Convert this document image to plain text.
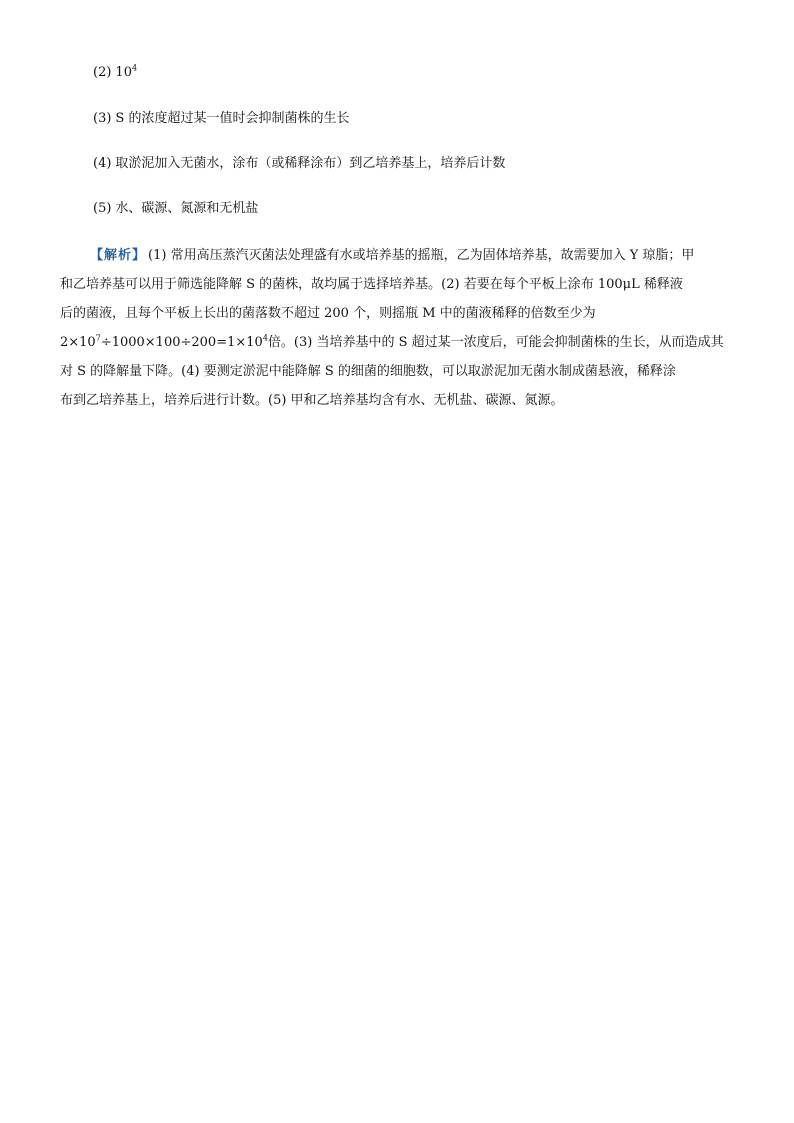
(2) $10^4$
(3) S 的浓度超过某一值时会抑制菌株的生长
(4) 取淤泥加入无菌水，涂布（或稀释涂布）到乙培养基上，培养后计数
(5) 水、碳源、氮源和无机盐
【解析】 (1) 常用高压蒸汽灭菌法处理盛有水或培养基的摇瓶，乙为固体培养基，故需要加入 Y 琼脂；甲
和乙培养基可以用于筛选能降解 S 的菌株，故均属于选择培养基。(2) 若要在每个平板上涂布 100μL 稀释液
后的菌液，且每个平板上长出的菌落数不超过 200 个，则摇瓶 M 中的菌液稀释的倍数至少为
$2\times 10^7\div 1000\times 100\div 200=1\times 10^4$倍。(3) 当培养基中的 S 超过某一浓度后，可能会抑制菌株的生长，从而造成其
对 S 的降解量下降。(4) 要测定淤泥中能降解 S 的细菌的细胞数，可以取淤泥加无菌水制成菌悬液，稀释涂
布到乙培养基上，培养后进行计数。(5) 甲和乙培养基均含有水、无机盐、碳源、氮源。
